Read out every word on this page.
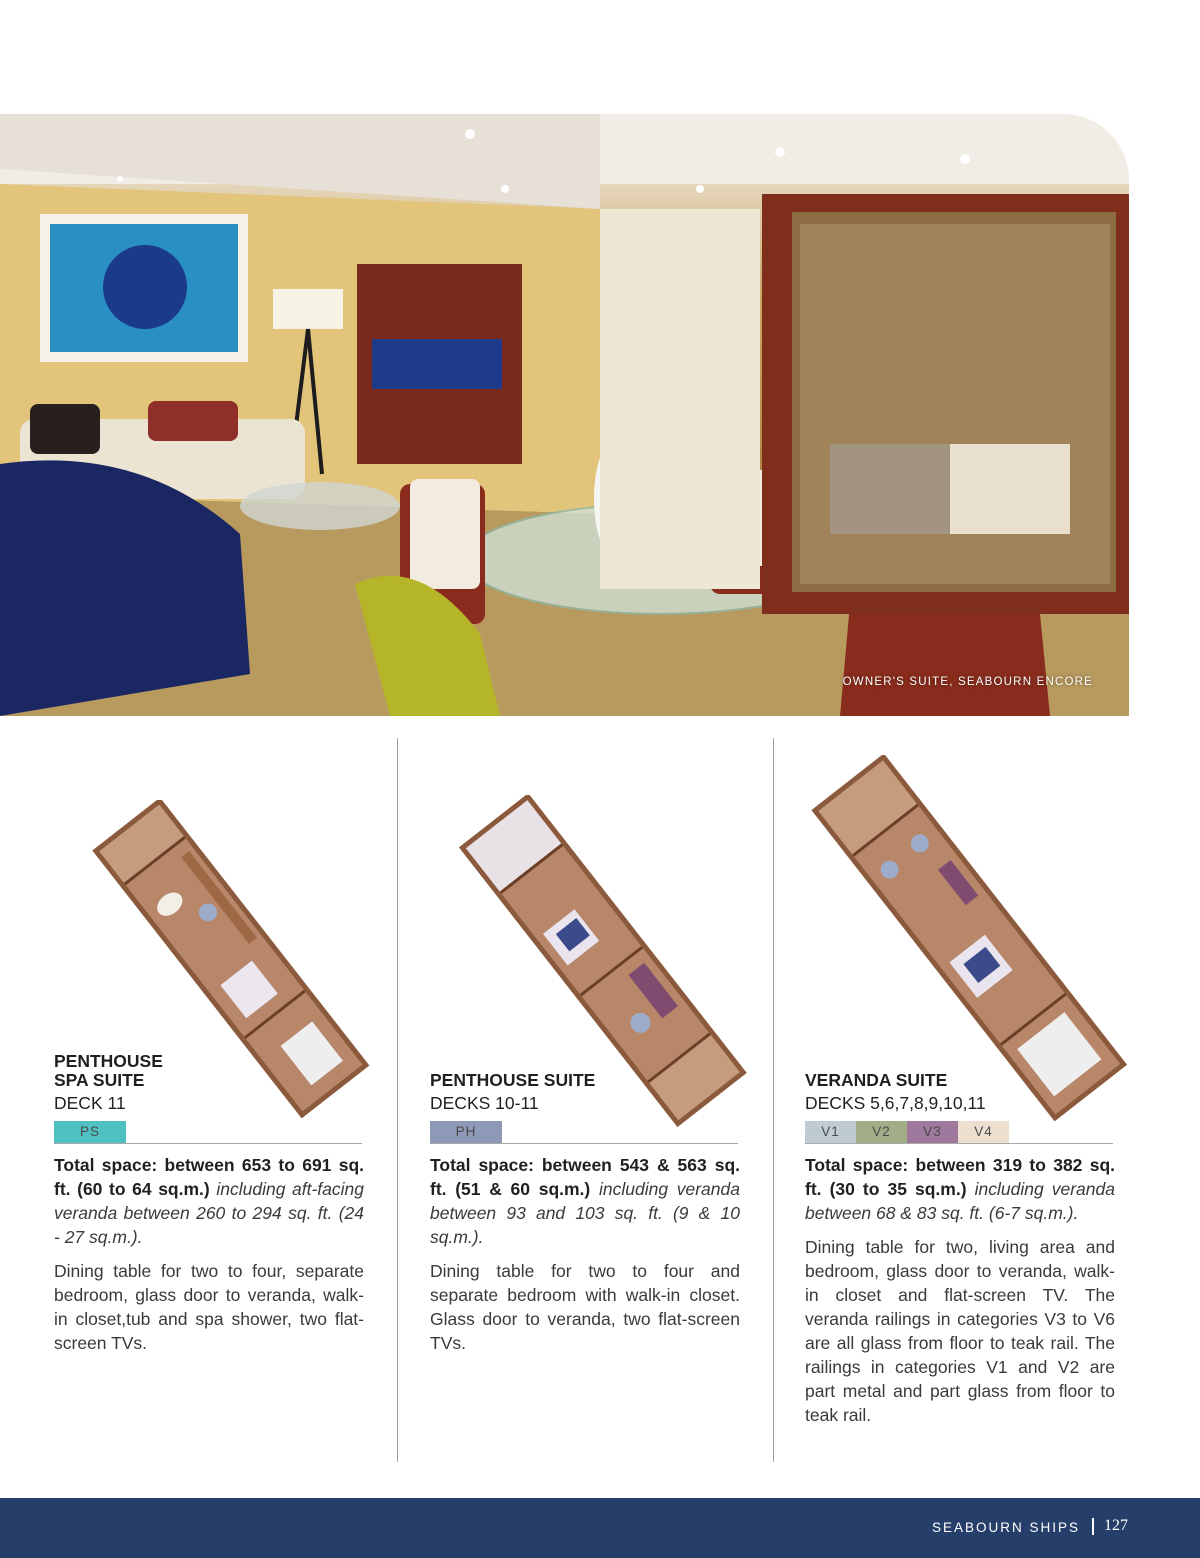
OWNER'S SUITE, SEABOURN ENCORE
PENTHOUSE
SPA SUITE
DECK 11
PS

Total space: between 653 to 691 sq. ft. (60 to 64 sq.m.) including aft-facing veranda between 260 to 294 sq. ft. (24 - 27 sq.m.).

Dining table for two to four, separate bedroom, glass door to veranda, walk-in closet,tub and spa shower, two flat-screen TVs.

PENTHOUSE SUITE
DECKS 10-11
PH

Total space: between 543 & 563 sq. ft. (51 & 60 sq.m.) including veranda between 93 and 103 sq. ft. (9 & 10 sq.m.).

Dining table for two to four and separate bedroom with walk-in closet. Glass door to veranda, two flat-screen TVs.

VERANDA SUITE
DECKS 5,6,7,8,9,10,11
V1	V2	V3	V4

Total space: between 319 to 382 sq. ft. (30 to 35 sq.m.) including veranda between 68 & 83 sq. ft. (6-7 sq.m.).

Dining table for two, living area and bedroom, glass door to veranda, walk-in closet and flat-screen TV. The veranda railings in categories V3 to V6 are all glass from floor to teak rail. The railings in categories V1 and V2 are part metal and part glass from floor to teak rail.

SEABOURN SHIPS 127
